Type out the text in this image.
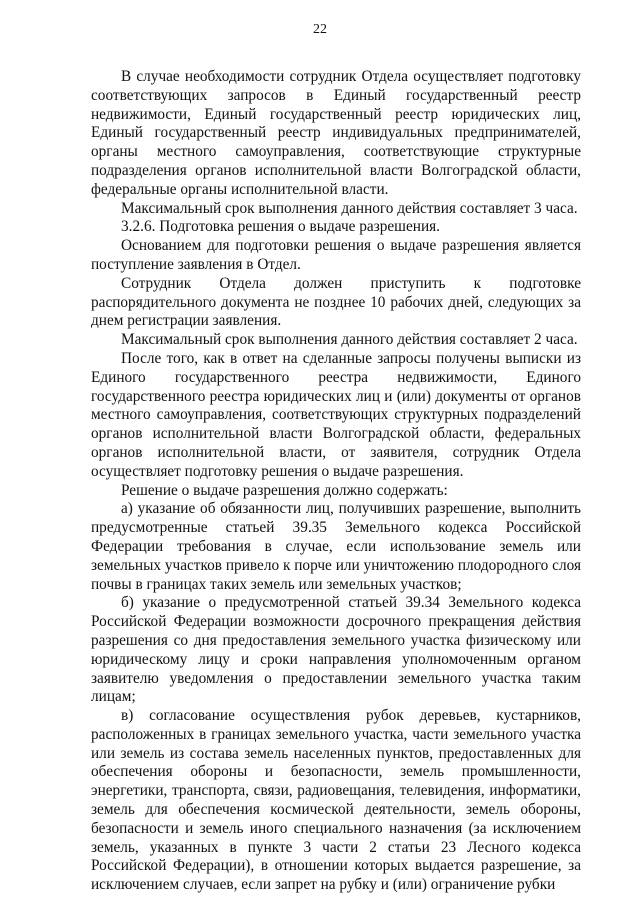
22

В случае необходимости сотрудник Отдела осуществляет подготовку соответствующих запросов в Единый государственный реестр недвижимости, Единый государственный реестр юридических лиц, Единый государственный реестр индивидуальных предпринимателей, органы местного самоуправления, соответствующие структурные подразделения органов исполнительной власти Волгоградской области, федеральные органы исполнительной власти.

Максимальный срок выполнения данного действия составляет 3 часа.

3.2.6. Подготовка решения о выдаче разрешения.

Основанием для подготовки решения о выдаче разрешения является поступление заявления в Отдел.

Сотрудник Отдела должен приступить к подготовке распорядительного документа не позднее 10 рабочих дней, следующих за днем регистрации заявления.

Максимальный срок выполнения данного действия составляет 2 часа.

После того, как в ответ на сделанные запросы получены выписки из Единого государственного реестра недвижимости, Единого государственного реестра юридических лиц и (или) документы от органов местного самоуправления, соответствующих структурных подразделений органов исполнительной власти Волгоградской области, федеральных органов исполнительной власти, от заявителя, сотрудник Отдела осуществляет подготовку решения о выдаче разрешения.

Решение о выдаче разрешения должно содержать:

а) указание об обязанности лиц, получивших разрешение, выполнить предусмотренные статьей 39.35 Земельного кодекса Российской Федерации требования в случае, если использование земель или земельных участков привело к порче или уничтожению плодородного слоя почвы в границах таких земель или земельных участков;

б) указание о предусмотренной статьей 39.34 Земельного кодекса Российской Федерации возможности досрочного прекращения действия разрешения со дня предоставления земельного участка физическому или юридическому лицу и сроки направления уполномоченным органом заявителю уведомления о предоставлении земельного участка таким лицам;

в) согласование осуществления рубок деревьев, кустарников, расположенных в границах земельного участка, части земельного участка или земель из состава земель населенных пунктов, предоставленных для обеспечения обороны и безопасности, земель промышленности, энергетики, транспорта, связи, радиовещания, телевидения, информатики, земель для обеспечения космической деятельности, земель обороны, безопасности и земель иного специального назначения (за исключением земель, указанных в пункте 3 части 2 статьи 23 Лесного кодекса Российской Федерации), в отношении которых выдается разрешение, за исключением случаев, если запрет на рубку и (или) ограничение рубки
